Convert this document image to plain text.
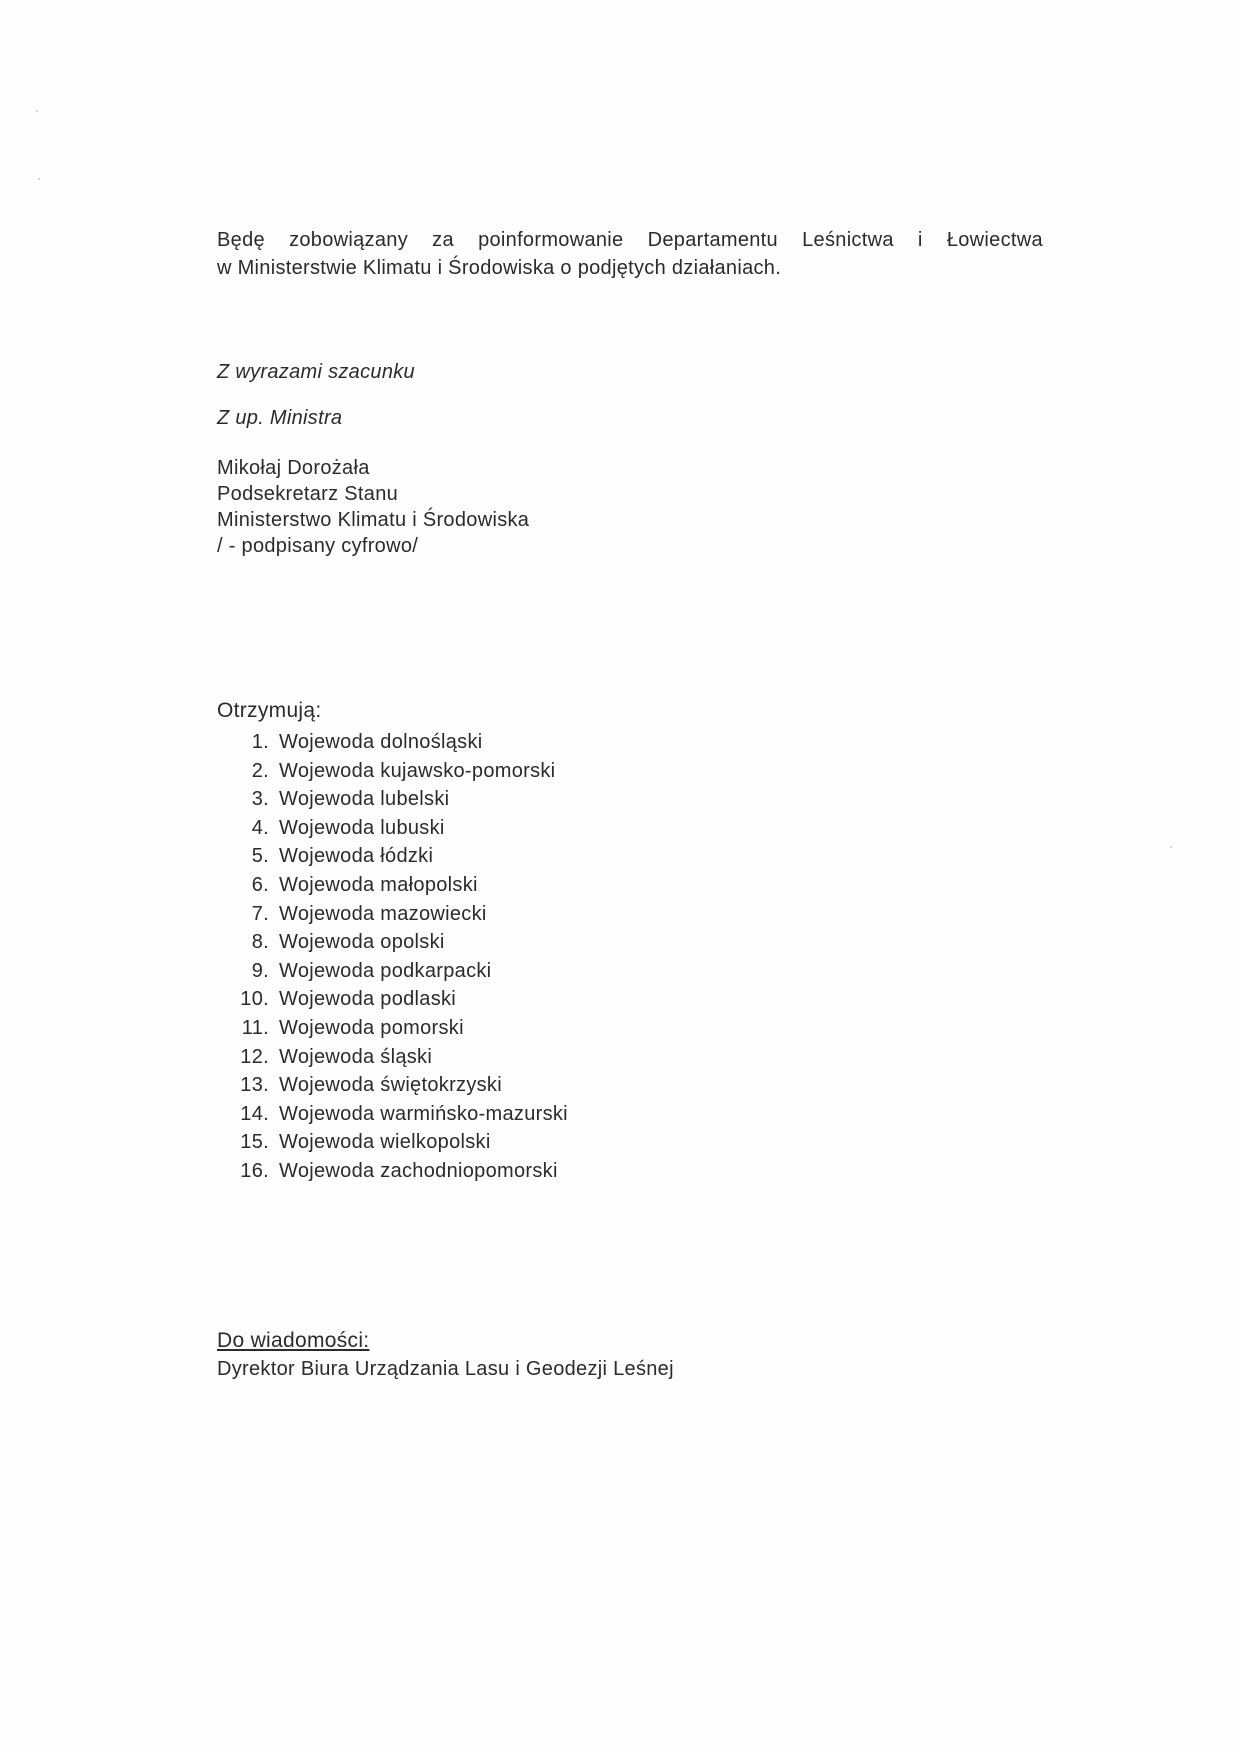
Będę zobowiązany za poinformowanie Departamentu Leśnictwa i Łowiectwa
w Ministerstwie Klimatu i Środowiska o podjętych działaniach.
Z wyrazami szacunku
Z up. Ministra
Mikołaj Dorożała
Podsekretarz Stanu
Ministerstwo Klimatu i Środowiska
/ - podpisany cyfrowo/
Otrzymują:
1. Wojewoda dolnośląski
2. Wojewoda kujawsko-pomorski
3. Wojewoda lubelski
4. Wojewoda lubuski
5. Wojewoda łódzki
6. Wojewoda małopolski
7. Wojewoda mazowiecki
8. Wojewoda opolski
9. Wojewoda podkarpacki
10. Wojewoda podlaski
11. Wojewoda pomorski
12. Wojewoda śląski
13. Wojewoda świętokrzyski
14. Wojewoda warmińsko-mazurski
15. Wojewoda wielkopolski
16. Wojewoda zachodniopomorski
Do wiadomości:
Dyrektor Biura Urządzania Lasu i Geodezji Leśnej
